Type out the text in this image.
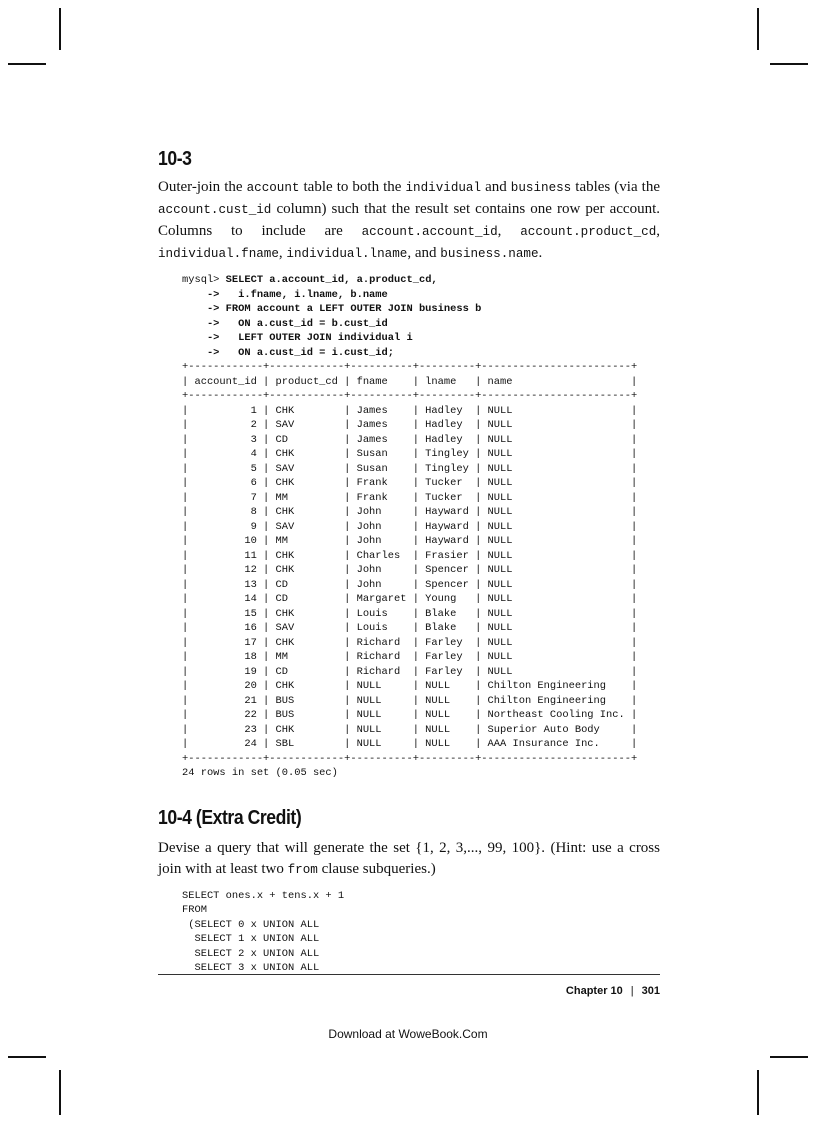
10-3

Outer-join the account table to both the individual and business tables (via the account.cust_id column) such that the result set contains one row per account. Columns to include are account.account_id, account.product_cd, individual.fname, individual.lname, and business.name.

mysql> SELECT a.account_id, a.product_cd,
->   i.fname, i.lname, b.name
-> FROM account a LEFT OUTER JOIN business b
->   ON a.cust_id = b.cust_id
->   LEFT OUTER JOIN individual i
->   ON a.cust_id = i.cust_id;
+------------+------------+----------+---------+------------------------+
| account_id | product_cd | fname    | lname   | name                   |
+------------+------------+----------+---------+------------------------+
|          1 | CHK        | James    | Hadley  | NULL                   |
|          2 | SAV        | James    | Hadley  | NULL                   |
|          3 | CD         | James    | Hadley  | NULL                   |
|          4 | CHK        | Susan    | Tingley | NULL                   |
|          5 | SAV        | Susan    | Tingley | NULL                   |
|          6 | CHK        | Frank    | Tucker  | NULL                   |
|          7 | MM         | Frank    | Tucker  | NULL                   |
|          8 | CHK        | John     | Hayward | NULL                   |
|          9 | SAV        | John     | Hayward | NULL                   |
|         10 | MM         | John     | Hayward | NULL                   |
|         11 | CHK        | Charles  | Frasier | NULL                   |
|         12 | CHK        | John     | Spencer | NULL                   |
|         13 | CD         | John     | Spencer | NULL                   |
|         14 | CD         | Margaret | Young   | NULL                   |
|         15 | CHK        | Louis    | Blake   | NULL                   |
|         16 | SAV        | Louis    | Blake   | NULL                   |
|         17 | CHK        | Richard  | Farley  | NULL                   |
|         18 | MM         | Richard  | Farley  | NULL                   |
|         19 | CD         | Richard  | Farley  | NULL                   |
|         20 | CHK        | NULL     | NULL    | Chilton Engineering    |
|         21 | BUS        | NULL     | NULL    | Chilton Engineering    |
|         22 | BUS        | NULL     | NULL    | Northeast Cooling Inc. |
|         23 | CHK        | NULL     | NULL    | Superior Auto Body     |
|         24 | SBL        | NULL     | NULL    | AAA Insurance Inc.     |
+------------+------------+----------+---------+------------------------+
24 rows in set (0.05 sec)
10-4 (Extra Credit)

Devise a query that will generate the set {1, 2, 3,..., 99, 100}. (Hint: use a cross join with at least two from clause subqueries.)

SELECT ones.x + tens.x + 1
FROM
(SELECT 0 x UNION ALL
SELECT 1 x UNION ALL
SELECT 2 x UNION ALL
SELECT 3 x UNION ALL
Chapter 10 | 301
Download at WoweBook.Com
